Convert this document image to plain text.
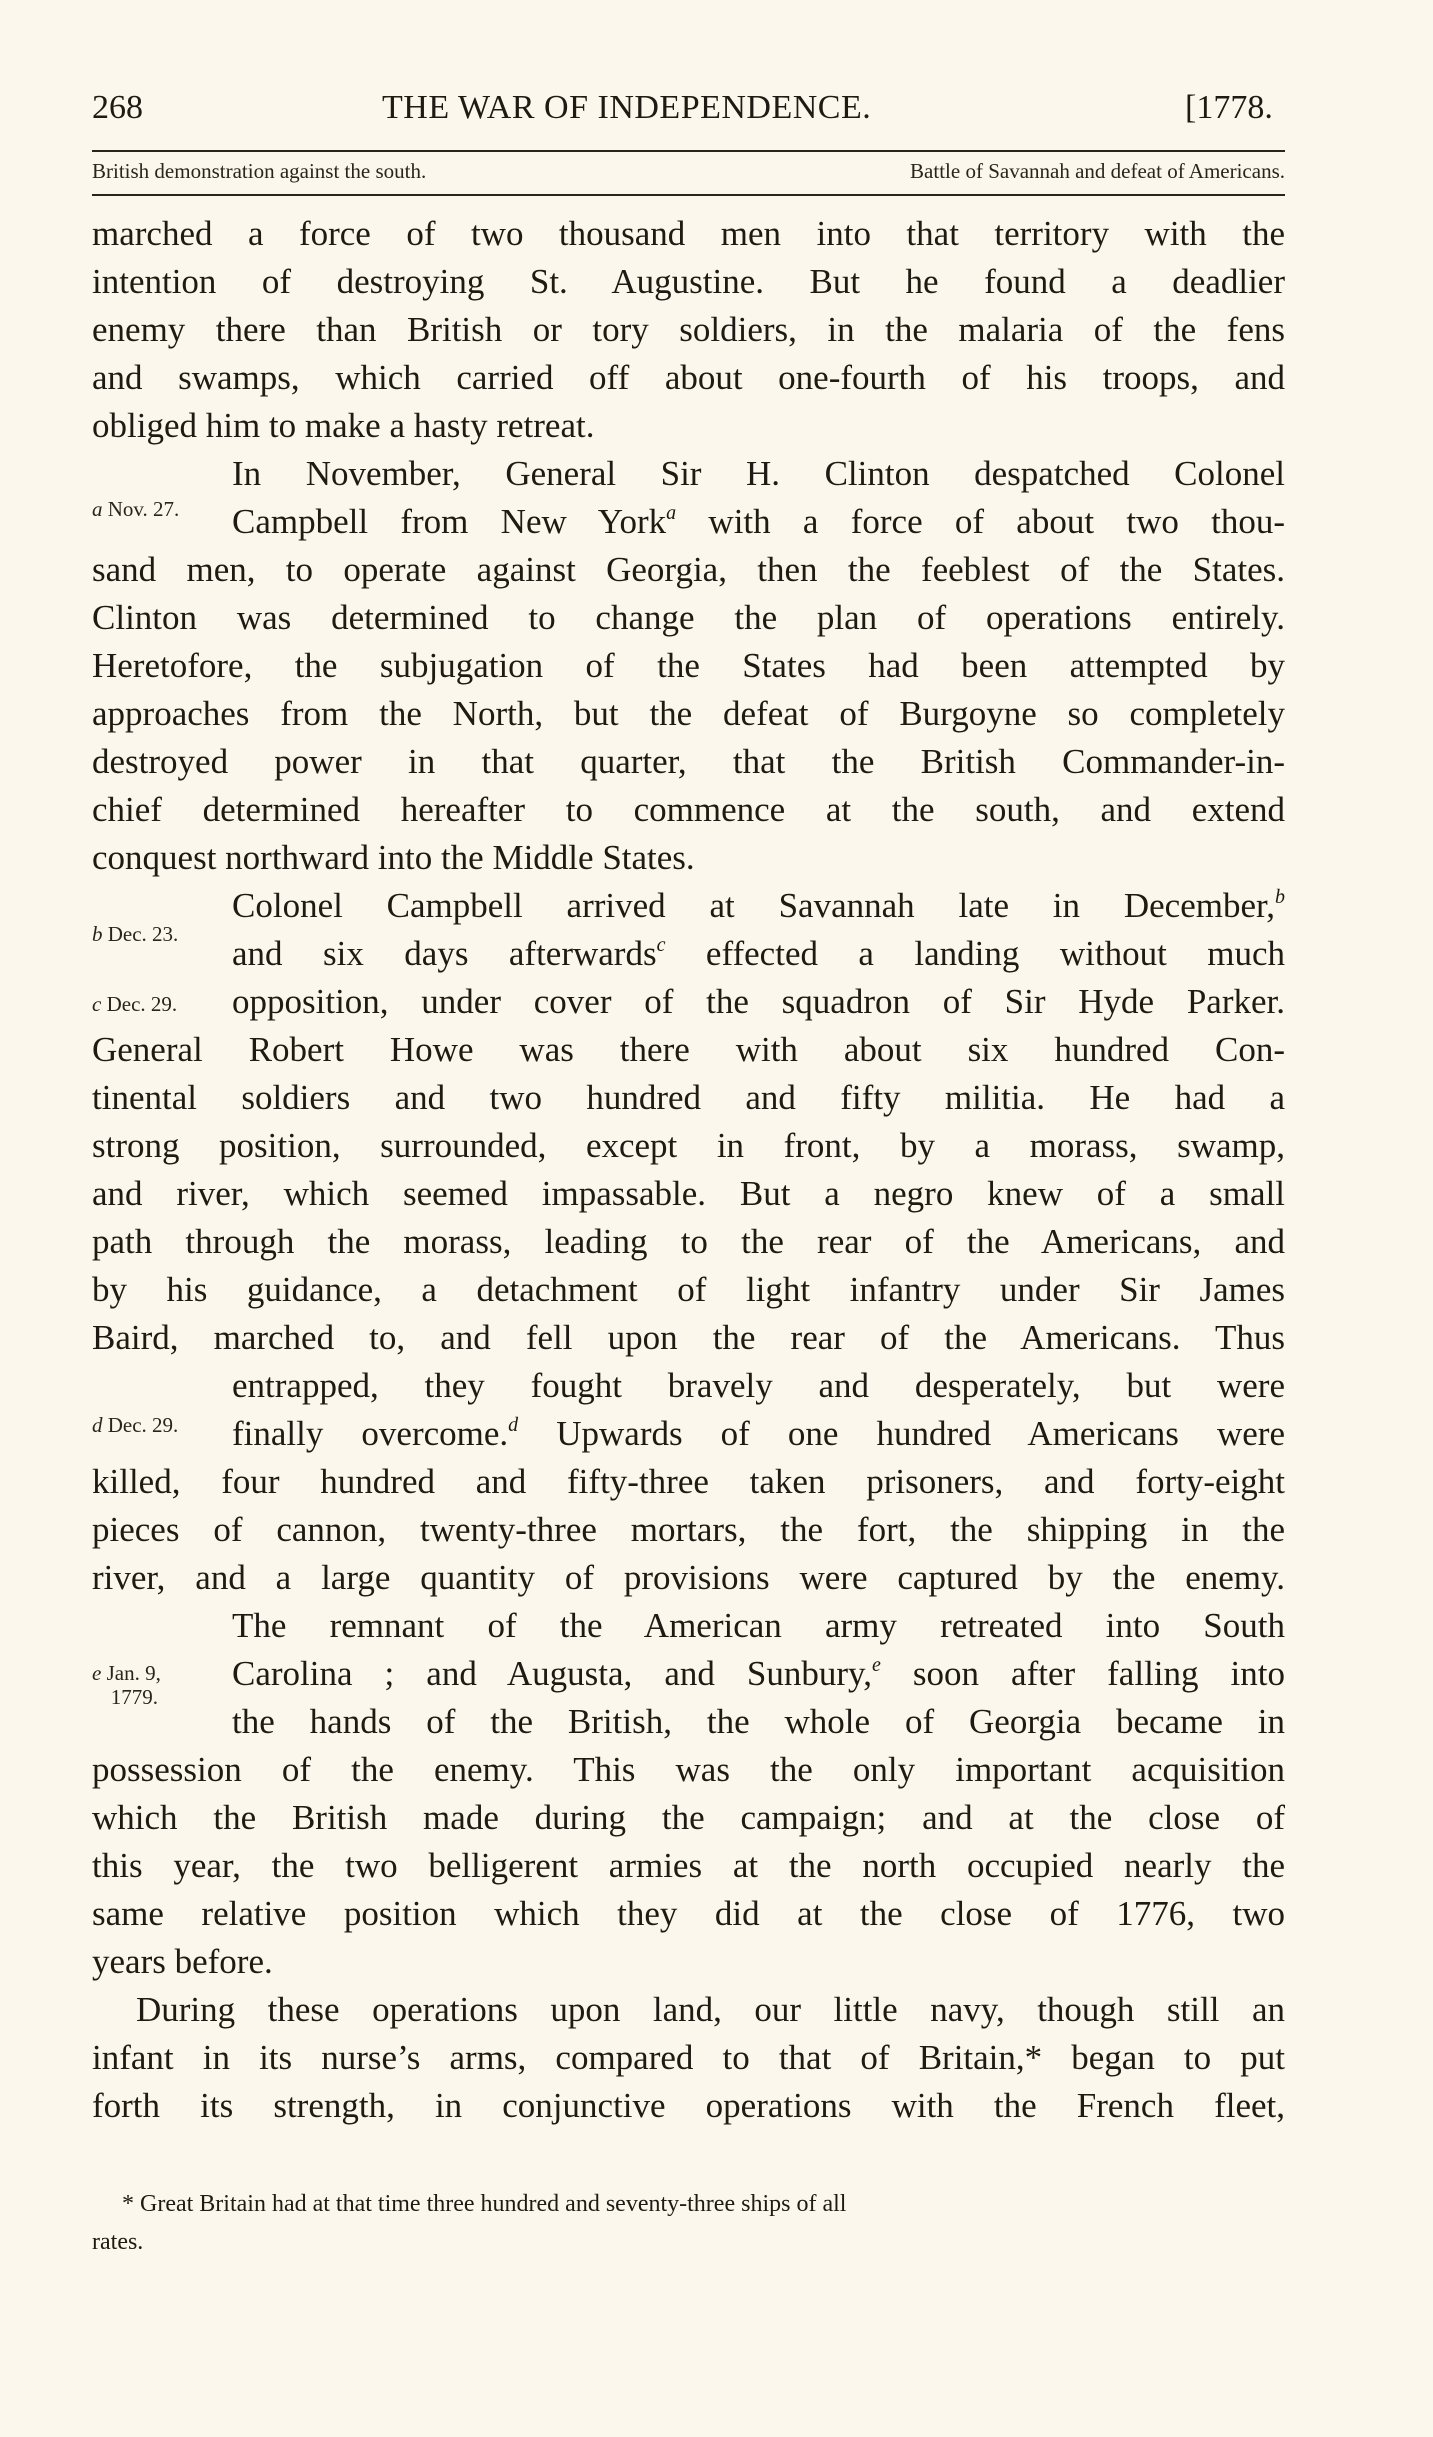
268	THE WAR OF INDEPENDENCE.	[1778.
British demonstration against the south.	Battle of Savannah and defeat of Americans.
a Nov. 27.
b Dec. 23.
c Dec. 29.
d Dec. 29.
e Jan. 9,
1779.
marched a force of two thousand men into that territory with the
intention of destroying St. Augustine. But he found a deadlier
enemy there than British or tory soldiers, in the malaria of the fens
and swamps, which carried off about one-fourth of his troops, and
obliged him to make a hasty retreat.
In November, General Sir H. Clinton despatched Colonel
Campbell from New York$^a$ with a force of about two thou-
sand men, to operate against Georgia, then the feeblest of the States.
Clinton was determined to change the plan of operations entirely.
Heretofore, the subjugation of the States had been attempted by
approaches from the North, but the defeat of Burgoyne so completely
destroyed power in that quarter, that the British Commander-in-
chief determined hereafter to commence at the south, and extend
conquest northward into the Middle States.
Colonel Campbell arrived at Savannah late in December,$^b$
and six days afterwards$^c$ effected a landing without much
opposition, under cover of the squadron of Sir Hyde Parker.
General Robert Howe was there with about six hundred Con-
tinental soldiers and two hundred and fifty militia. He had a
strong position, surrounded, except in front, by a morass, swamp,
and river, which seemed impassable. But a negro knew of a small
path through the morass, leading to the rear of the Americans, and
by his guidance, a detachment of light infantry under Sir James
Baird, marched to, and fell upon the rear of the Americans. Thus
entrapped, they fought bravely and desperately, but were
finally overcome.$^d$ Upwards of one hundred Americans were
killed, four hundred and fifty-three taken prisoners, and forty-eight
pieces of cannon, twenty-three mortars, the fort, the shipping in the
river, and a large quantity of provisions were captured by the enemy.
The remnant of the American army retreated into South
Carolina ; and Augusta, and Sunbury,$^e$ soon after falling into
the hands of the British, the whole of Georgia became in
possession of the enemy. This was the only important acquisition
which the British made during the campaign; and at the close of
this year, the two belligerent armies at the north occupied nearly the
same relative position which they did at the close of 1776, two
years before.
During these operations upon land, our little navy, though still an
infant in its nurse’s arms, compared to that of Britain,* began to put
forth its strength, in conjunctive operations with the French fleet,
* Great Britain had at that time three hundred and seventy-three ships of all
rates.
